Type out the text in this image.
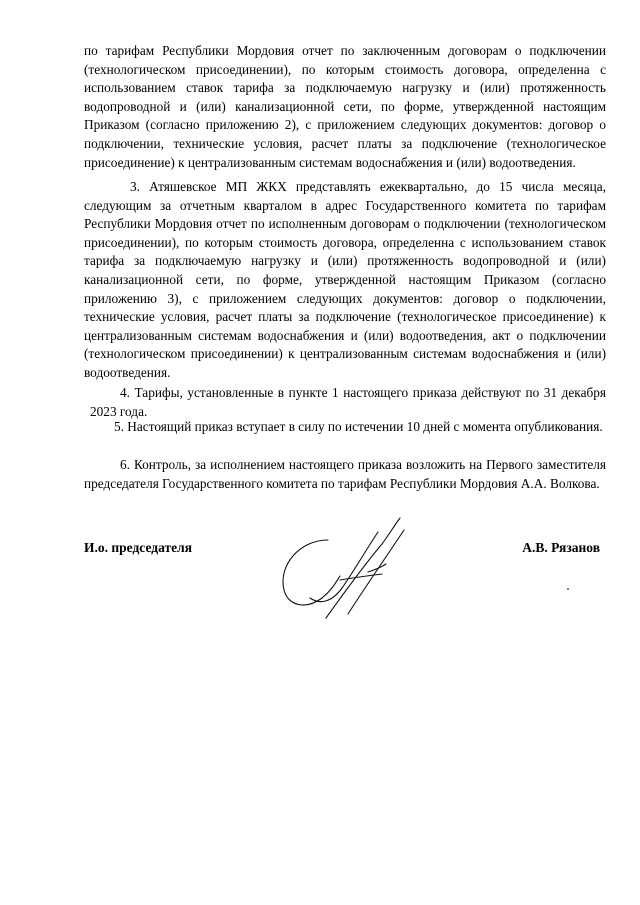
по тарифам Республики Мордовия отчет по заключенным договорам о подключении (технологическом присоединении), по которым стоимость договора, определенна с использованием ставок тарифа за подключаемую нагрузку и (или) протяженность водопроводной и (или) канализационной сети, по форме, утвержденной настоящим Приказом (согласно приложению 2), с приложением следующих документов: договор о подключении, технические условия, расчет платы за подключение (технологическое присоединение) к централизованным системам водоснабжения и (или) водоотведения.

3. Атяшевское МП ЖКХ представлять ежеквартально, до 15 числа месяца, следующим за отчетным кварталом в адрес Государственного комитета по тарифам Республики Мордовия отчет по исполненным договорам о подключении (технологическом присоединении), по которым стоимость договора, определенна с использованием ставок тарифа за подключаемую нагрузку и (или) протяженность водопроводной и (или) канализационной сети, по форме, утвержденной настоящим Приказом (согласно приложению 3), с приложением следующих документов: договор о подключении, технические условия, расчет платы за подключение (технологическое присоединение) к централизованным системам водоснабжения и (или) водоотведения, акт о подключении (технологическом присоединении) к централизованным системам водоснабжения и (или) водоотведения.

4. Тарифы, установленные в пункте 1 настоящего приказа действуют по 31 декабря 2023 года.

5. Настоящий приказ вступает в силу по истечении 10 дней с момента опубликования.

6. Контроль, за исполнением настоящего приказа возложить на Первого заместителя председателя Государственного комитета по тарифам Республики Мордовия А.А. Волкова.

И.о. председателя	А.В. Рязанов
